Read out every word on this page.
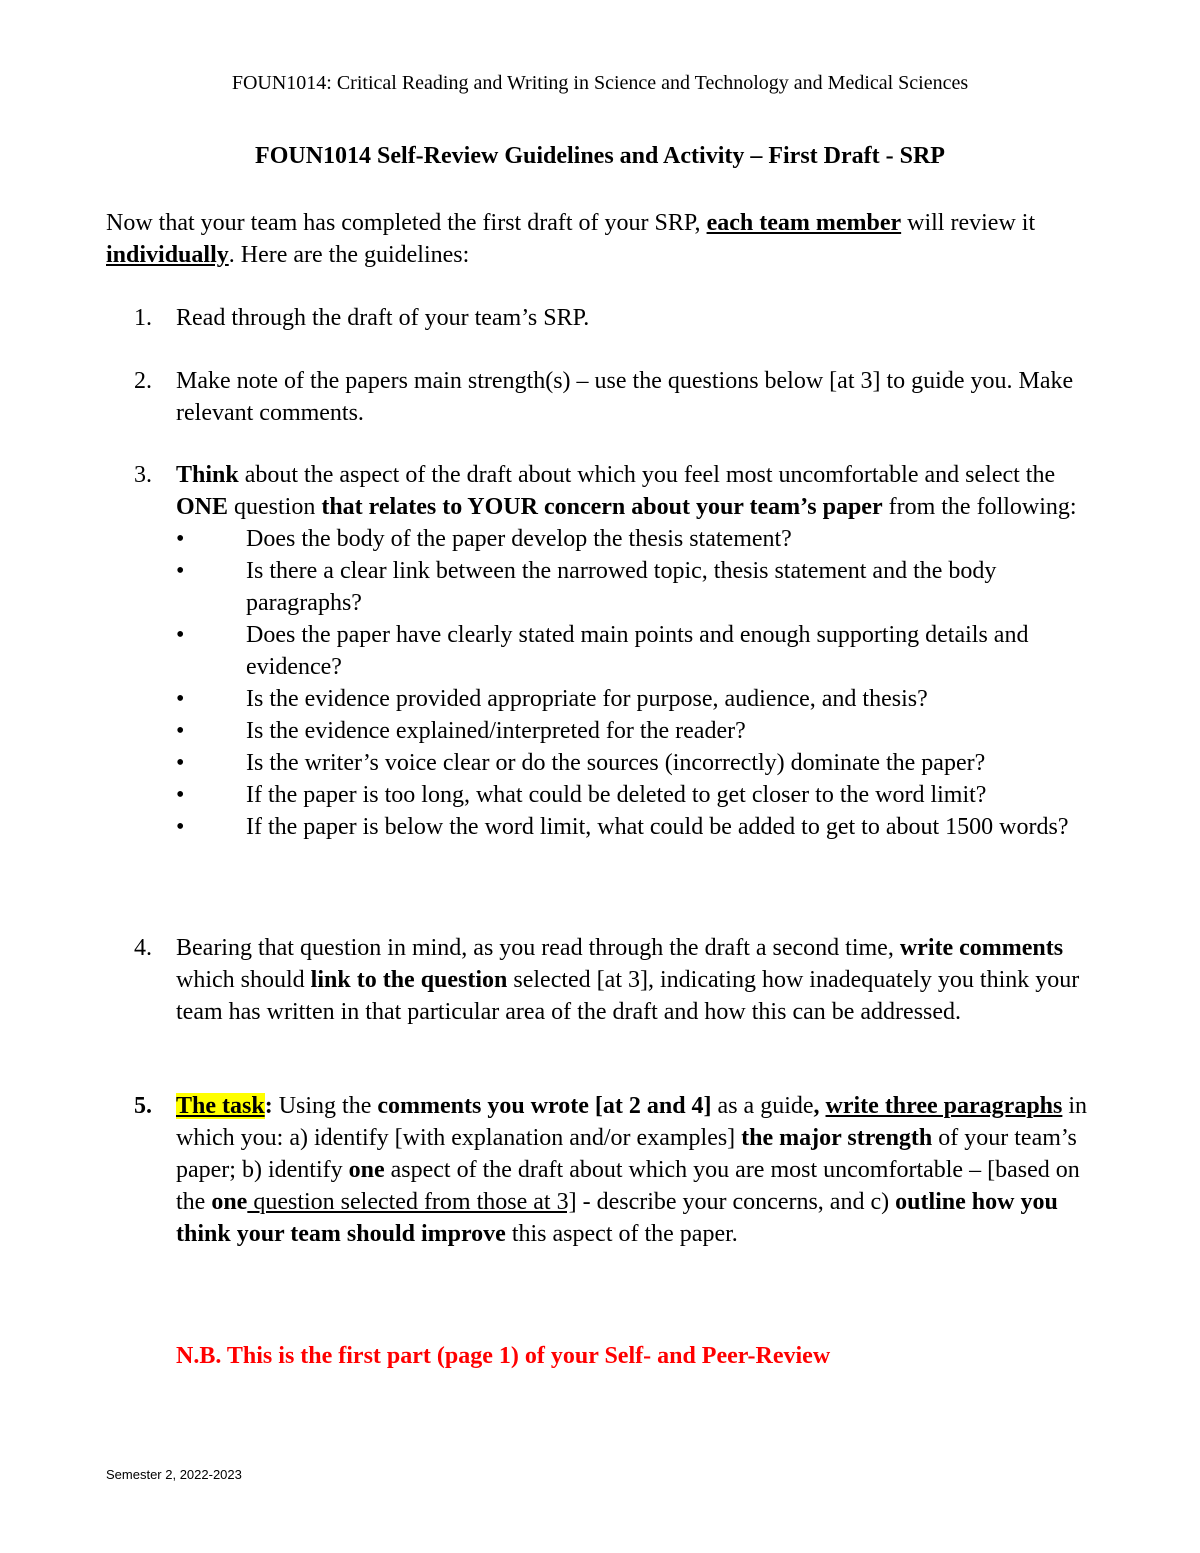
FOUN1014: Critical Reading and Writing in Science and Technology and Medical Sciences
FOUN1014 Self-Review Guidelines and Activity – First Draft - SRP

Now that your team has completed the first draft of your SRP, each team member will review it individually. Here are the guidelines:

1. Read through the draft of your team’s SRP.
2. Make note of the papers main strength(s) – use the questions below [at 3] to guide you. Make relevant comments.
3. Think about the aspect of the draft about which you feel most uncomfortable and select the ONE question that relates to YOUR concern about your team’s paper from the following:
•	Does the body of the paper develop the thesis statement?
•	Is there a clear link between the narrowed topic, thesis statement and the body paragraphs?
•	Does the paper have clearly stated main points and enough supporting details and evidence?
•	Is the evidence provided appropriate for purpose, audience, and thesis?
•	Is the evidence explained/interpreted for the reader?
•	Is the writer’s voice clear or do the sources (incorrectly) dominate the paper?
•	If the paper is too long, what could be deleted to get closer to the word limit?
•	If the paper is below the word limit, what could be added to get to about 1500 words?
4. Bearing that question in mind, as you read through the draft a second time, write comments which should link to the question selected [at 3], indicating how inadequately you think your team has written in that particular area of the draft and how this can be addressed.
5. The task: Using the comments you wrote [at 2 and 4] as a guide, write three paragraphs in which you: a) identify [with explanation and/or examples] the major strength of your team’s paper; b) identify one aspect of the draft about which you are most uncomfortable – [based on the one question selected from those at 3] - describe your concerns, and c) outline how you think your team should improve this aspect of the paper.
N.B. This is the first part (page 1) of your Self- and Peer-Review
Semester 2, 2022-2023
